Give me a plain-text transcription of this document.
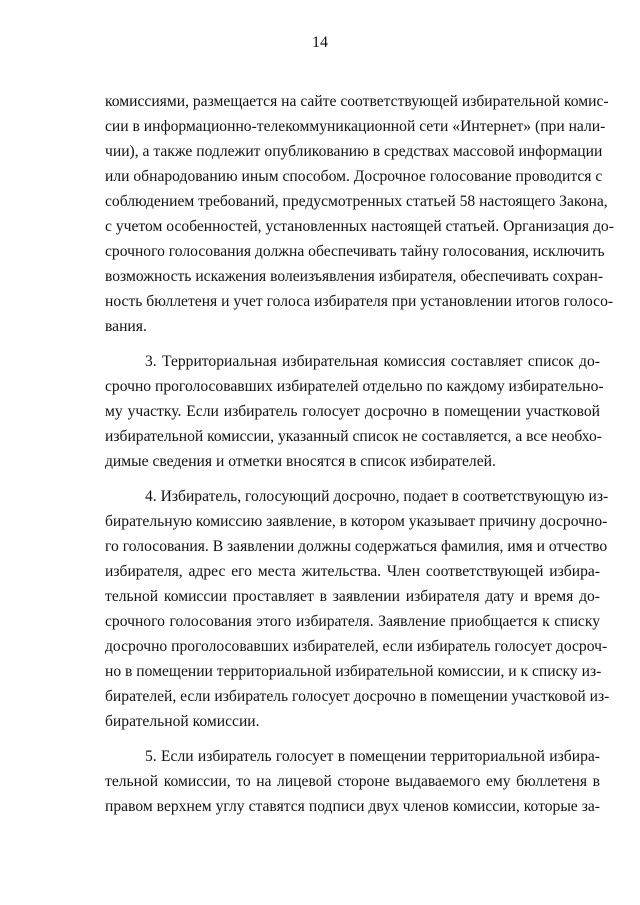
14
комиссиями, размещается на сайте соответствующей избирательной комис-
сии в информационно-телекоммуникационной сети «Интернет» (при нали-
чии), а также подлежит опубликованию в средствах массовой информации
или обнародованию иным способом. Досрочное голосование проводится с
соблюдением требований, предусмотренных статьей 58 настоящего Закона,
с учетом особенностей, установленных настоящей статьей. Организация до-
срочного голосования должна обеспечивать тайну голосования, исключить
возможность искажения волеизъявления избирателя, обеспечивать сохран-
ность бюллетеня и учет голоса избирателя при установлении итогов голосо-
вания.
3. Территориальная избирательная комиссия составляет список до-
срочно проголосовавших избирателей отдельно по каждому избирательно-
му участку. Если избиратель голосует досрочно в помещении участковой
избирательной комиссии, указанный список не составляется, а все необхо-
димые сведения и отметки вносятся в список избирателей.
4. Избиратель, голосующий досрочно, подает в соответствующую из-
бирательную комиссию заявление, в котором указывает причину досрочно-
го голосования. В заявлении должны содержаться фамилия, имя и отчество
избирателя, адрес его места жительства. Член соответствующей избира-
тельной комиссии проставляет в заявлении избирателя дату и время до-
срочного голосования этого избирателя. Заявление приобщается к списку
досрочно проголосовавших избирателей, если избиратель голосует досроч-
но в помещении территориальной избирательной комиссии, и к списку из-
бирателей, если избиратель голосует досрочно в помещении участковой из-
бирательной комиссии.
5. Если избиратель голосует в помещении территориальной избира-
тельной комиссии, то на лицевой стороне выдаваемого ему бюллетеня в
правом верхнем углу ставятся подписи двух членов комиссии, которые за-
